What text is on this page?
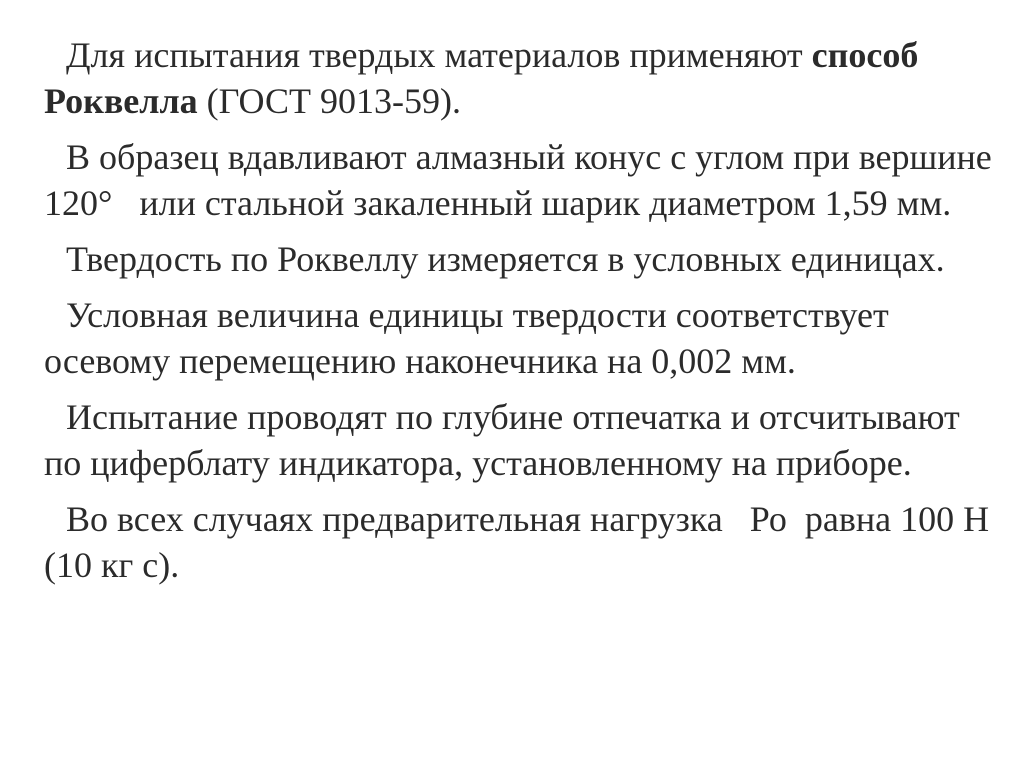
Для испытания твердых материалов применяют способ Роквелла (ГОСТ 9013-59).

В образец вдавливают алмазный конус с углом при вершине 120° или стальной закаленный шарик диаметром 1,59 мм.

Твердость по Роквеллу измеряется в условных единицах.

Условная величина единицы твердости соответствует осевому перемещению наконечника на 0,002 мм.

Испытание проводят по глубине отпечатка и отсчитывают по циферблату индикатора, установленному на приборе.

Во всех случаях предварительная нагрузка Ро равна 100 Н (10 кг с).
